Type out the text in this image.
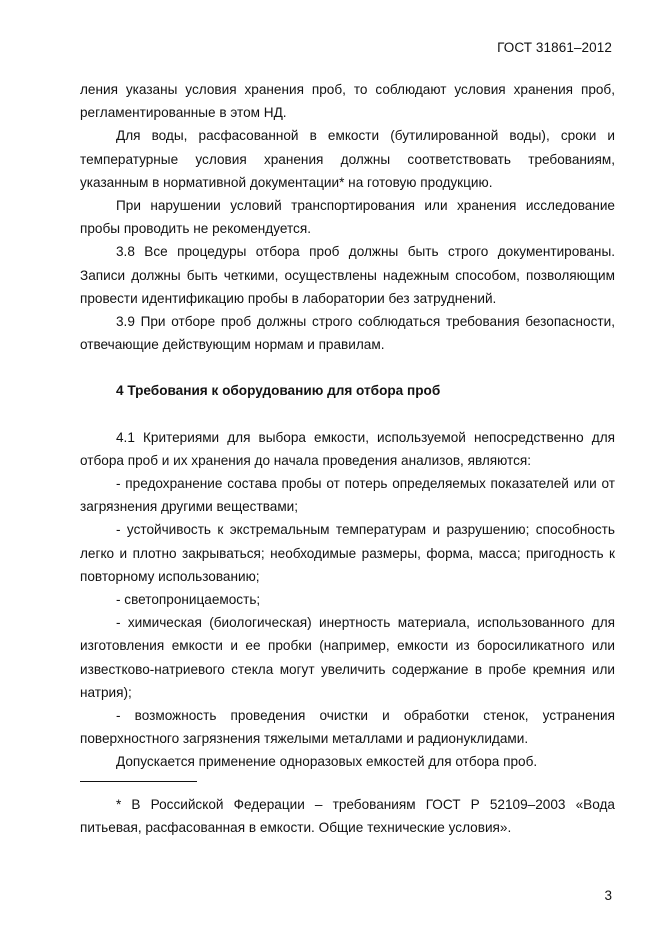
ГОСТ 31861–2012

ления указаны условия хранения проб, то соблюдают условия хранения проб, регламентированные в этом НД.

Для воды, расфасованной в емкости (бутилированной воды), сроки и температурные условия хранения должны соответствовать требованиям, указанным в нормативной документации* на готовую продукцию.

При нарушении условий транспортирования или хранения исследование пробы проводить не рекомендуется.

3.8 Все процедуры отбора проб должны быть строго документированы. Записи должны быть четкими, осуществлены надежным способом, позволяющим провести идентификацию пробы в лаборатории без затруднений.

3.9 При отборе проб должны строго соблюдаться требования безопасности, отвечающие действующим нормам и правилам.

4 Требования к оборудованию для отбора проб

4.1 Критериями для выбора емкости, используемой непосредственно для отбора проб и их хранения до начала проведения анализов, являются:

- предохранение состава пробы от потерь определяемых показателей или от загрязнения другими веществами;

- устойчивость к экстремальным температурам и разрушению; способность легко и плотно закрываться; необходимые размеры, форма, масса; пригодность к повторному использованию;

- светопроницаемость;

- химическая (биологическая) инертность материала, использованного для изготовления емкости и ее пробки (например, емкости из боросиликатного или известково-натриевого стекла могут увеличить содержание в пробе кремния или натрия);

- возможность проведения очистки и обработки стенок, устранения поверхностного загрязнения тяжелыми металлами и радионуклидами.

Допускается применение одноразовых емкостей для отбора проб.

* В Российской Федерации – требованиям ГОСТ Р 52109–2003 «Вода питьевая, расфасованная в емкости. Общие технические условия».

3
